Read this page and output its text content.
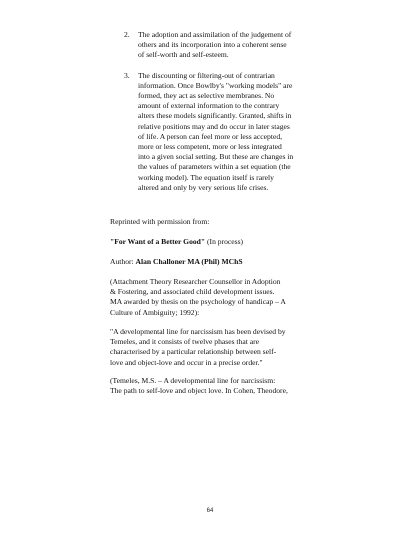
2. The adoption and assimilation of the judgement of
others and its incorporation into a coherent sense
of self-worth and self-esteem.
3. The discounting or filtering-out of contrarian
information. Once Bowlby's "working models" are
formed, they act as selective membranes. No
amount of external information to the contrary
alters these models significantly. Granted, shifts in
relative positions may and do occur in later stages
of life. A person can feel more or less accepted,
more or less competent, more or less integrated
into a given social setting. But these are changes in
the values of parameters within a set equation (the
working model). The equation itself is rarely
altered and only by very serious life crises.
Reprinted with permission from:
"For Want of a Better Good" (In process)
Author: Alan Challoner MA (Phil) MChS
(Attachment Theory Researcher Counsellor in Adoption
& Fostering, and associated child development issues.
MA awarded by thesis on the psychology of handicap – A
Culture of Ambiguity; 1992):
"A developmental line for narcissism has been devised by
Temeles, and it consists of twelve phases that are
characterised by a particular relationship between self-
love and object-love and occur in a precise order."
(Temeles, M.S. – A developmental line for narcissism:
The path to self-love and object love. In Cohen, Theodore,
64
